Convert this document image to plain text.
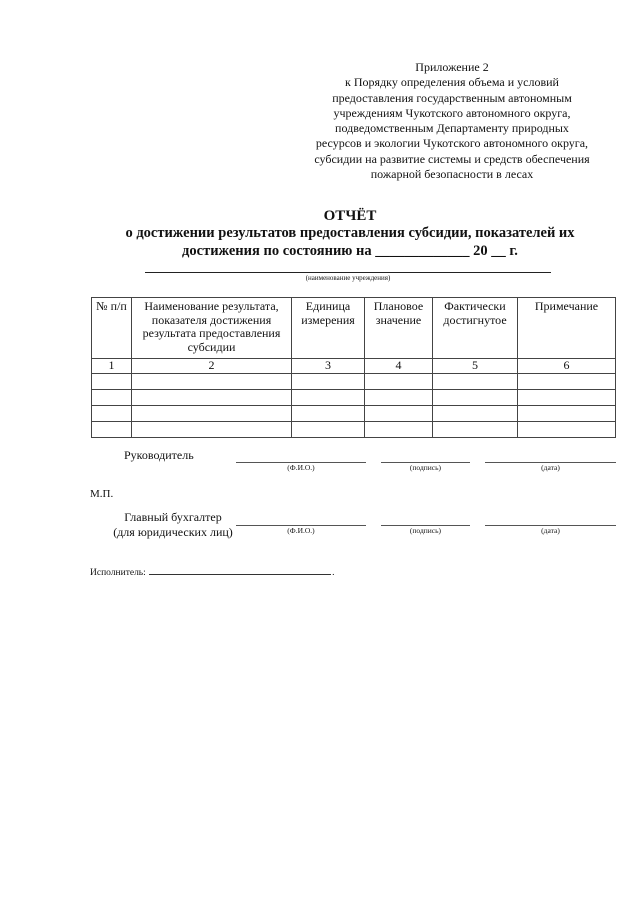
Приложение 2
к Порядку определения объема и условий
предоставления государственным автономным
учреждениям Чукотского автономного округа,
подведомственным Департаменту природных
ресурсов и экологии Чукотского автономного округа,
субсидии на развитие системы и средств обеспечения
пожарной безопасности в лесах
ОТЧЁТ
о достижении результатов предоставления субсидии, показателей их
достижения по состоянию на _____________ 20 __ г.
(наименование учреждения)
№ п/п	Наименование результата, показателя достижения результата предоставления субсидии	Единица измерения	Плановое значение	Фактически достигнутое	Примечание
1	2	3	4	5	6

Руководитель
(Ф.И.О.)	(подпись)	(дата)
М.П.
Главный бухгалтер
(для юридических лиц)	(Ф.И.О.)	(подпись)	(дата)
Исполнитель:	.
